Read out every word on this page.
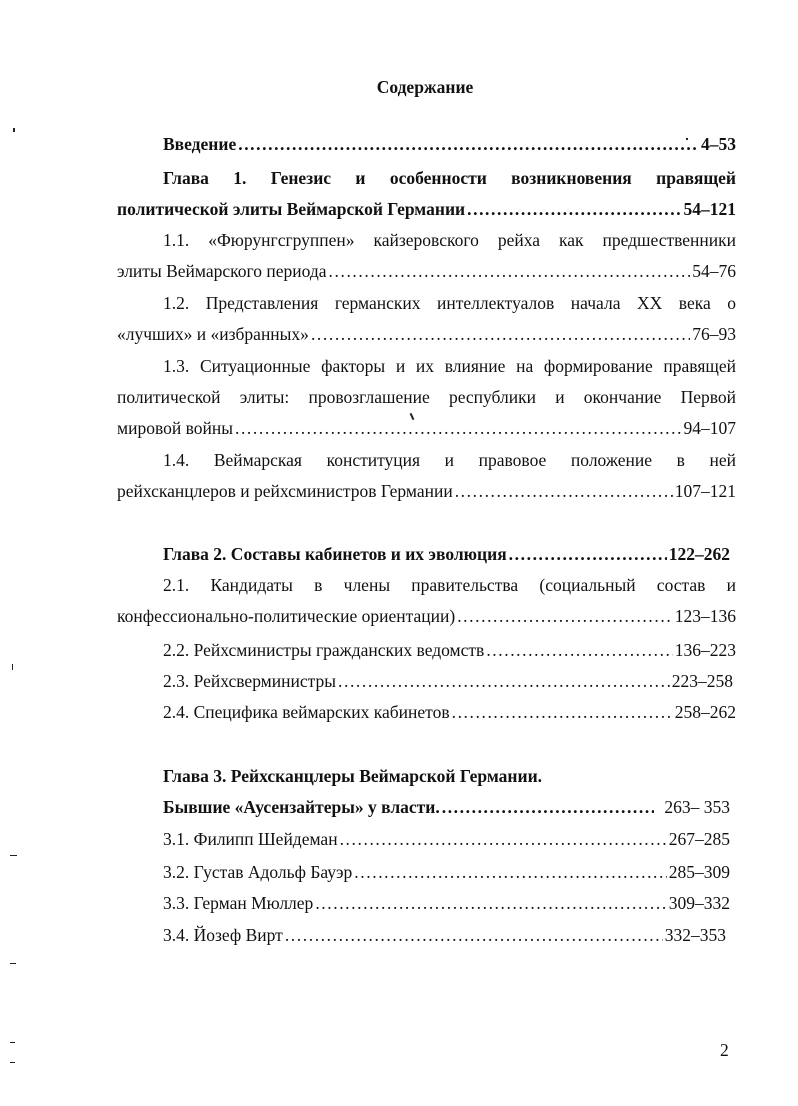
Содержание
Введение .....	4–53
Глава 1. Генезис и особенности возникновения правящей
политической элиты Веймарской Германии .....	54–121
1.1. «Фюрунгсгруппен» кайзеровского рейха как предшественники
элиты Веймарского периода .....	54–76
1.2. Представления германских интеллектуалов начала XX века о
«лучших» и «избранных» .....	76–93
1.3. Ситуационные факторы и их влияние на формирование правящей
политической элиты: провозглашение республики и окончание Первой
мировой войны .....	94–107
1.4. Веймарская конституция и правовое положение в ней
рейхсканцлеров и рейхсминистров Германии .....	107–121
Глава 2. Составы кабинетов и их эволюция .....	122–262
2.1. Кандидаты в члены правительства (социальный состав и
конфессионально-политические ориентации) .....	123–136
2.2. Рейхсминистры гражданских ведомств .....	136–223
2.3. Рейхсверминистры .....	223–258
2.4. Специфика веймарских кабинетов .....	258–262
Глава 3. Рейхсканцлеры Веймарской Германии.
Бывшие «Аусензайтеры» у власти. .....	263– 353
3.1. Филипп Шейдеман .....	267–285
3.2. Густав Адольф Бауэр .....	285–309
3.3. Герман Мюллер .....	309–332
3.4. Йозеф Вирт .....	332–353
2
